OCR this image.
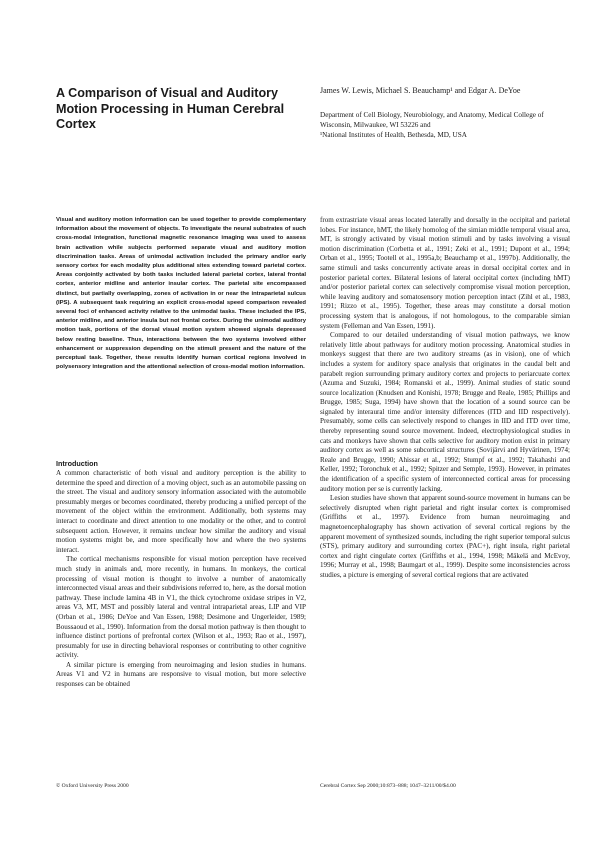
A Comparison of Visual and Auditory Motion Processing in Human Cerebral Cortex

James W. Lewis, Michael S. Beauchamp¹ and Edgar A. DeYoe

Department of Cell Biology, Neurobiology, and Anatomy, Medical College of Wisconsin, Milwaukee, WI 53226 and
¹National Institutes of Health, Bethesda, MD, USA

Visual and auditory motion information can be used together to provide complementary information about the movement of objects. To investigate the neural substrates of such cross-modal integration, functional magnetic resonance imaging was used to assess brain activation while subjects performed separate visual and auditory motion discrimination tasks. Areas of unimodal activation included the primary and/or early sensory cortex for each modality plus additional sites extending toward parietal cortex. Areas conjointly activated by both tasks included lateral parietal cortex, lateral frontal cortex, anterior midline and anterior insular cortex. The parietal site encompassed distinct, but partially overlapping, zones of activation in or near the intraparietal sulcus (IPS). A subsequent task requiring an explicit cross-modal speed comparison revealed several foci of enhanced activity relative to the unimodal tasks. These included the IPS, anterior midline, and anterior insula but not frontal cortex. During the unimodal auditory motion task, portions of the dorsal visual motion system showed signals depressed below resting baseline. Thus, interactions between the two systems involved either enhancement or suppression depending on the stimuli present and the nature of the perceptual task. Together, these results identify human cortical regions involved in polysensory integration and the attentional selection of cross-modal motion information.

Introduction

A common characteristic of both visual and auditory perception is the ability to determine the speed and direction of a moving object, such as an automobile passing on the street. The visual and auditory sensory information associated with the automobile presumably merges or becomes coordinated, thereby producing a unified percept of the movement of the object within the environment. Additionally, both systems may interact to coordinate and direct attention to one modality or the other, and to control subsequent action. However, it remains unclear how similar the auditory and visual motion systems might be, and more specifically how and where the two systems interact.

The cortical mechanisms responsible for visual motion perception have received much study in animals and, more recently, in humans. In monkeys, the cortical processing of visual motion is thought to involve a number of anatomically interconnected visual areas and their subdivisions referred to, here, as the dorsal motion pathway. These include lamina 4B in V1, the thick cytochrome oxidase stripes in V2, areas V3, MT, MST and possibly lateral and ventral intraparietal areas, LIP and VIP (Orban et al., 1986; DeYoe and Van Essen, 1988; Desimone and Ungerleider, 1989; Boussaoud et al., 1990). Information from the dorsal motion pathway is then thought to influence distinct portions of prefrontal cortex (Wilson et al., 1993; Rao et al., 1997), presumably for use in directing behavioral responses or contributing to other cognitive activity.

A similar picture is emerging from neuroimaging and lesion studies in humans. Areas V1 and V2 in humans are responsive to visual motion, but more selective responses can be obtained

from extrastriate visual areas located laterally and dorsally in the occipital and parietal lobes. For instance, hMT, the likely homolog of the simian middle temporal visual area, MT, is strongly activated by visual motion stimuli and by tasks involving a visual motion discrimination (Corbetta et al., 1991; Zeki et al., 1991; Dupont et al., 1994; Orban et al., 1995; Tootell et al., 1995a,b; Beauchamp et al., 1997b). Additionally, the same stimuli and tasks concurrently activate areas in dorsal occipital cortex and in posterior parietal cortex. Bilateral lesions of lateral occipital cortex (including hMT) and/or posterior parietal cortex can selectively compromise visual motion perception, while leaving auditory and somatosensory motion perception intact (Zihl et al., 1983, 1991; Rizzo et al., 1995). Together, these areas may constitute a dorsal motion processing system that is analogous, if not homologous, to the comparable simian system (Felleman and Van Essen, 1991).

Compared to our detailed understanding of visual motion pathways, we know relatively little about pathways for auditory motion processing. Anatomical studies in monkeys suggest that there are two auditory streams (as in vision), one of which includes a system for auditory space analysis that originates in the caudal belt and parabelt region surrounding primary auditory cortex and projects to periarcuate cortex (Azuma and Suzuki, 1984; Romanski et al., 1999). Animal studies of static sound source localization (Knudsen and Konishi, 1978; Brugge and Reale, 1985; Phillips and Brugge, 1985; Suga, 1994) have shown that the location of a sound source can be signaled by interaural time and/or intensity differences (ITD and IID respectively). Presumably, some cells can selectively respond to changes in IID and ITD over time, thereby representing sound source movement. Indeed, electrophysiological studies in cats and monkeys have shown that cells selective for auditory motion exist in primary auditory cortex as well as some subcortical structures (Sovijärvi and Hyvärinen, 1974; Reale and Brugge, 1990; Ahissar et al., 1992; Stumpf et al., 1992; Takahashi and Keller, 1992; Toronchuk et al., 1992; Spitzer and Semple, 1993). However, in primates the identification of a specific system of interconnected cortical areas for processing auditory motion per se is currently lacking.

Lesion studies have shown that apparent sound-source movement in humans can be selectively disrupted when right parietal and right insular cortex is compromised (Griffiths et al., 1997). Evidence from human neuroimaging and magnetoencephalography has shown activation of several cortical regions by the apparent movement of synthesized sounds, including the right superior temporal sulcus (STS), primary auditory and surrounding cortex (PAC+), right insula, right parietal cortex and right cingulate cortex (Griffiths et al., 1994, 1998; Mäkelä and McEvoy, 1996; Murray et al., 1998; Baumgart et al., 1999). Despite some inconsistencies across studies, a picture is emerging of several cortical regions that are activated

© Oxford University Press 2000	Cerebral Cortex Sep 2000;10:873–888; 1047–3211/00/$4.00
